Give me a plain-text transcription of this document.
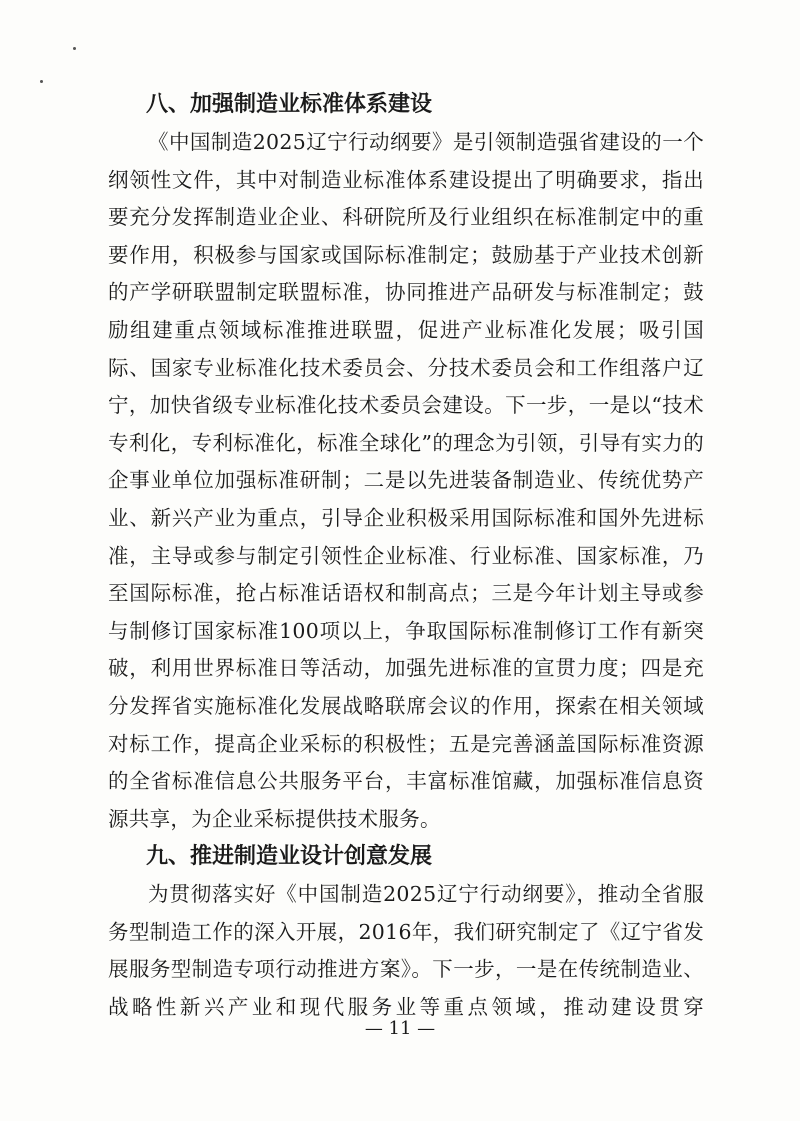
八、加强制造业标准体系建设

《中国制造2025辽宁行动纲要》是引领制造强省建设的一个纲领性文件，其中对制造业标准体系建设提出了明确要求，指出要充分发挥制造业企业、科研院所及行业组织在标准制定中的重要作用，积极参与国家或国际标准制定；鼓励基于产业技术创新的产学研联盟制定联盟标准，协同推进产品研发与标准制定；鼓励组建重点领域标准推进联盟，促进产业标准化发展；吸引国际、国家专业标准化技术委员会、分技术委员会和工作组落户辽宁，加快省级专业标准化技术委员会建设。下一步，一是以“技术专利化，专利标准化，标准全球化”的理念为引领，引导有实力的企事业单位加强标准研制；二是以先进装备制造业、传统优势产业、新兴产业为重点，引导企业积极采用国际标准和国外先进标准，主导或参与制定引领性企业标准、行业标准、国家标准，乃至国际标准，抢占标准话语权和制高点；三是今年计划主导或参与制修订国家标准100项以上，争取国际标准制修订工作有新突破，利用世界标准日等活动，加强先进标准的宣贯力度；四是充分发挥省实施标准化发展战略联席会议的作用，探索在相关领域对标工作，提高企业采标的积极性；五是完善涵盖国际标准资源的全省标准信息公共服务平台，丰富标准馆藏，加强标准信息资源共享，为企业采标提供技术服务。

九、推进制造业设计创意发展

为贯彻落实好《中国制造2025辽宁行动纲要》，推动全省服务型制造工作的深入开展，2016年，我们研究制定了《辽宁省发展服务型制造专项行动推进方案》。下一步，一是在传统制造业、战略性新兴产业和现代服务业等重点领域，推动建设贯穿

— 11 —
